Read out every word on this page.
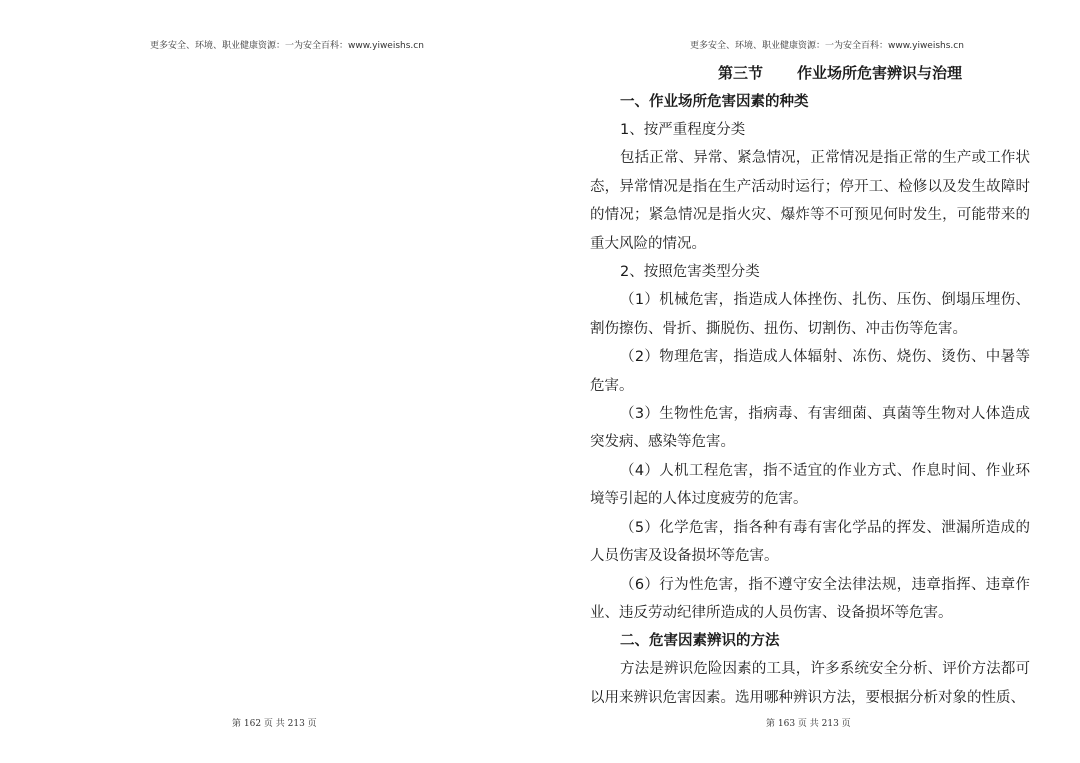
更多安全、环境、职业健康资源：一为安全百科：www.yiweishs.cn
第 162 页 共 213 页
更多安全、环境、职业健康资源：一为安全百科：www.yiweishs.cn
第三节 作业场所危害辨识与治理
一、作业场所危害因素的种类
1、按严重程度分类
包括正常、异常、紧急情况，正常情况是指正常的生产或工作状态，异常情况是指在生产活动时运行；停开工、检修以及发生故障时的情况；紧急情况是指火灾、爆炸等不可预见何时发生，可能带来的重大风险的情况。
2、按照危害类型分类
（1）机械危害，指造成人体挫伤、扎伤、压伤、倒塌压埋伤、割伤擦伤、骨折、撕脱伤、扭伤、切割伤、冲击伤等危害。
（2）物理危害，指造成人体辐射、冻伤、烧伤、烫伤、中暑等危害。
（3）生物性危害，指病毒、有害细菌、真菌等生物对人体造成突发病、感染等危害。
（4）人机工程危害，指不适宜的作业方式、作息时间、作业环境等引起的人体过度疲劳的危害。
（5）化学危害，指各种有毒有害化学品的挥发、泄漏所造成的人员伤害及设备损坏等危害。
（6）行为性危害，指不遵守安全法律法规，违章指挥、违章作业、违反劳动纪律所造成的人员伤害、设备损坏等危害。
二、危害因素辨识的方法
方法是辨识危险因素的工具，许多系统安全分析、评价方法都可以用来辨识危害因素。选用哪种辨识方法，要根据分析对象的性质、
第 163 页 共 213 页
